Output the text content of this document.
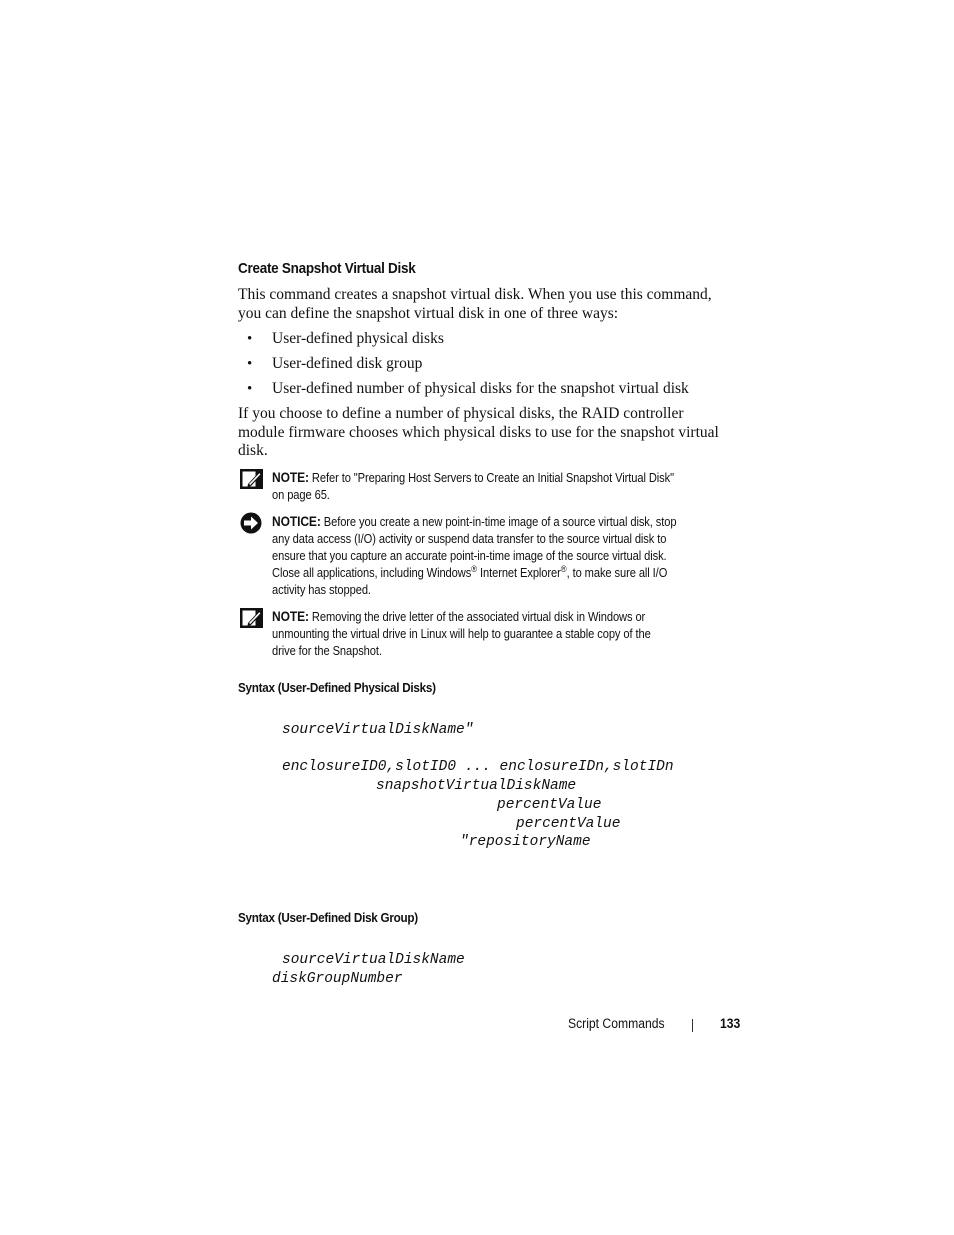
Create Snapshot Virtual Disk
This command creates a snapshot virtual disk. When you use this command,
you can define the snapshot virtual disk in one of three ways:
• User-defined physical disks
• User-defined disk group
• User-defined number of physical disks for the snapshot virtual disk
If you choose to define a number of physical disks, the RAID controller
module firmware chooses which physical disks to use for the snapshot virtual
disk.
NOTE: Refer to "Preparing Host Servers to Create an Initial Snapshot Virtual Disk"
on page 65.
NOTICE: Before you create a new point-in-time image of a source virtual disk, stop
any data access (I/O) activity or suspend data transfer to the source virtual disk to
ensure that you capture an accurate point-in-time image of the source virtual disk.
Close all applications, including Windows® Internet Explorer®, to make sure all I/O
activity has stopped.
NOTE: Removing the drive letter of the associated virtual disk in Windows or
unmounting the virtual drive in Linux will help to guarantee a stable copy of the
drive for the Snapshot.
Syntax (User-Defined Physical Disks)
sourceVirtualDiskName"
enclosureID0,slotID0 ... enclosureIDn,slotIDn
snapshotVirtualDiskName
percentValue
percentValue
"repositoryName
Syntax (User-Defined Disk Group)
sourceVirtualDiskName
diskGroupNumber
Script Commands	133
